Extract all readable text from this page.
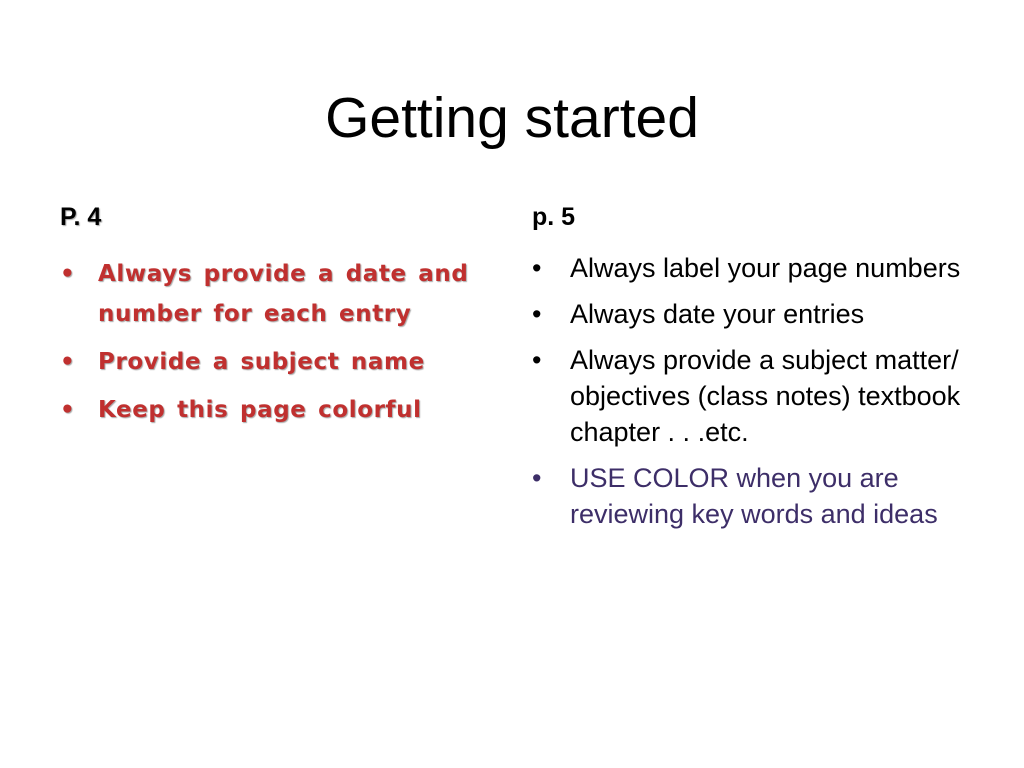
Getting started

P. 4

• Always provide a date and number for each entry
• Provide a subject name
• Keep this page colorful

p. 5

• Always label your page numbers
• Always date your entries
• Always provide a subject matter/ objectives (class notes) textbook chapter . . .etc.
• USE COLOR when you are reviewing key words and ideas
